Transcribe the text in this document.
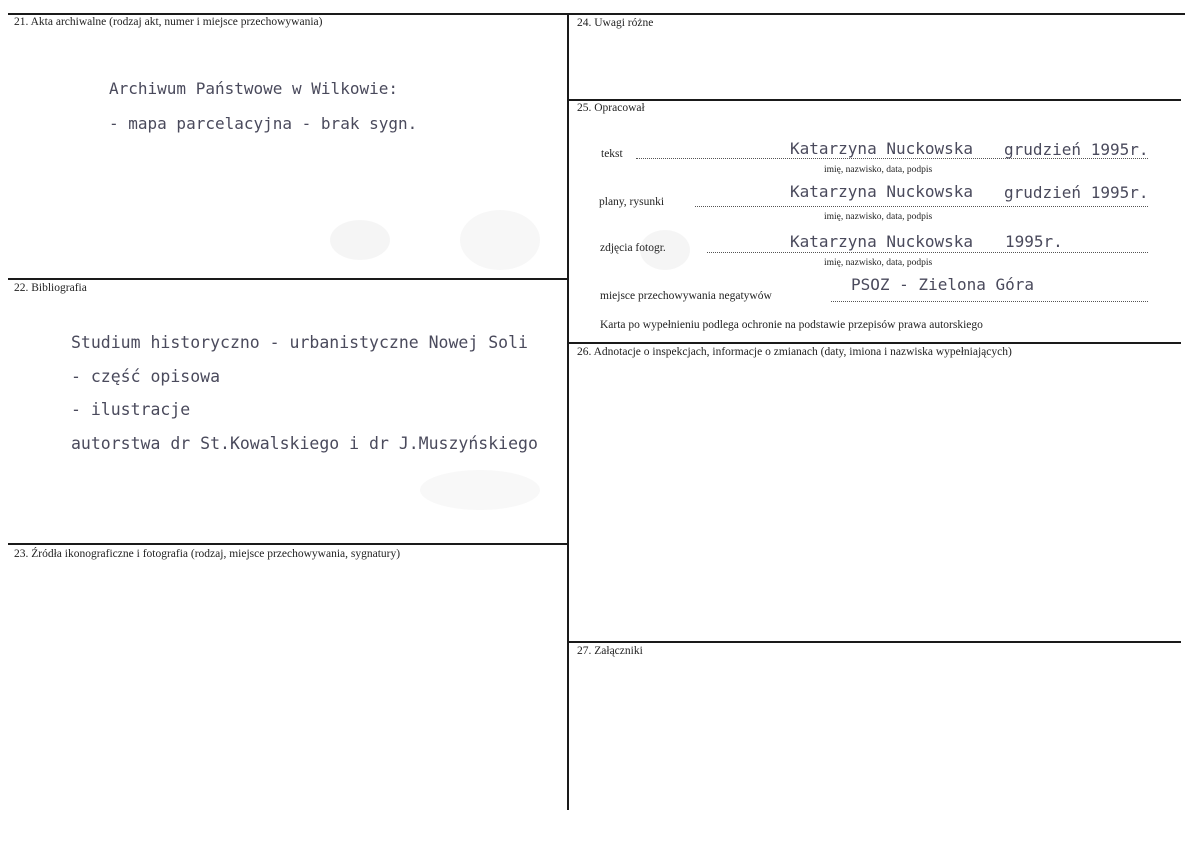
21. Akta archiwalne (rodzaj akt, numer i miejsce przechowywania)
Archiwum Państwowe w Wilkowie:
- mapa parcelacyjna - brak sygn.
22. Bibliografia
Studium historyczno - urbanistyczne Nowej Soli
- część opisowa
- ilustracje
autorstwa dr St.Kowalskiego i dr J.Muszyńskiego
23. Źródła ikonograficzne i fotografia (rodzaj, miejsce przechowywania, sygnatury)
24. Uwagi różne
25. Opracował
tekst	Katarzyna Nuckowska grudzień 1995r.
imię, nazwisko, data, podpis
plany, rysunki
Katarzyna Nuckowska grudzień 1995r.
imię, nazwisko, data, podpis
zdjęcia fotogr.	Katarzyna Nuckowska 1995r.
imię, nazwisko, data, podpis
miejsce przechowywania negatywów
PSOZ - Zielona Góra
Karta po wypełnieniu podlega ochronie na podstawie przepisów prawa autorskiego
26. Adnotacje o inspekcjach, informacje o zmianach (daty, imiona i nazwiska wypełniających)
27. Załączniki
